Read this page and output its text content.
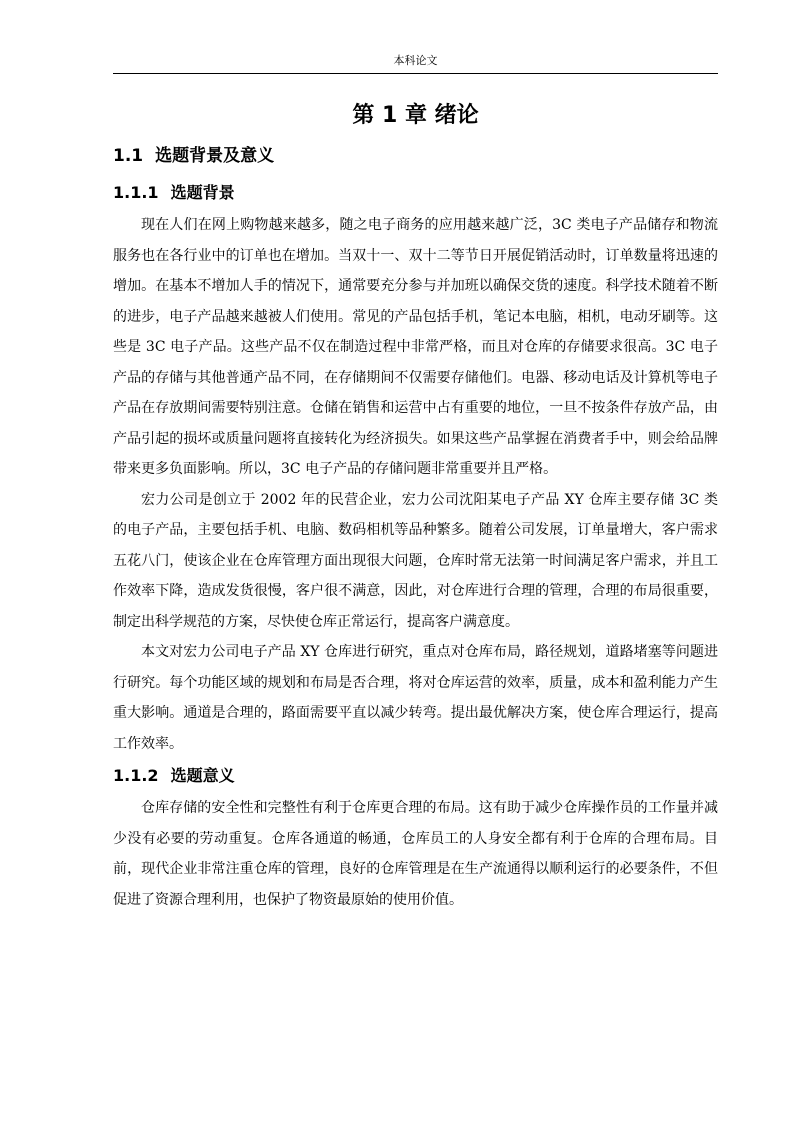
本科论文
第 1 章 绪论
1.1 选题背景及意义
1.1.1 选题背景

现在人们在网上购物越来越多，随之电子商务的应用越来越广泛，3C 类电子产品储存和物流服务也在各行业中的订单也在增加。当双十一、双十二等节日开展促销活动时，订单数量将迅速的增加。在基本不增加人手的情况下，通常要充分参与并加班以确保交货的速度。科学技术随着不断的进步，电子产品越来越被人们使用。常见的产品包括手机，笔记本电脑，相机，电动牙刷等。这些是 3C 电子产品。这些产品不仅在制造过程中非常严格，而且对仓库的存储要求很高。3C 电子产品的存储与其他普通产品不同，在存储期间不仅需要存储他们。电器、移动电话及计算机等电子产品在存放期间需要特别注意。仓储在销售和运营中占有重要的地位，一旦不按条件存放产品，由产品引起的损坏或质量问题将直接转化为经济损失。如果这些产品掌握在消费者手中，则会给品牌带来更多负面影响。所以，3C 电子产品的存储问题非常重要并且严格。

宏力公司是创立于 2002 年的民营企业，宏力公司沈阳某电子产品 XY 仓库主要存储 3C 类的电子产品，主要包括手机、电脑、数码相机等品种繁多。随着公司发展，订单量增大，客户需求五花八门，使该企业在仓库管理方面出现很大问题，仓库时常无法第一时间满足客户需求，并且工作效率下降，造成发货很慢，客户很不满意，因此，对仓库进行合理的管理，合理的布局很重要，制定出科学规范的方案，尽快使仓库正常运行，提高客户满意度。

本文对宏力公司电子产品 XY 仓库进行研究，重点对仓库布局，路径规划，道路堵塞等问题进行研究。每个功能区域的规划和布局是否合理，将对仓库运营的效率，质量，成本和盈利能力产生重大影响。通道是合理的，路面需要平直以减少转弯。提出最优解决方案，使仓库合理运行，提高工作效率。

1.1.2 选题意义

仓库存储的安全性和完整性有利于仓库更合理的布局。这有助于减少仓库操作员的工作量并减少没有必要的劳动重复。仓库各通道的畅通，仓库员工的人身安全都有利于仓库的合理布局。目前，现代企业非常注重仓库的管理，良好的仓库管理是在生产流通得以顺利运行的必要条件，不但促进了资源合理利用，也保护了物资最原始的使用价值。
